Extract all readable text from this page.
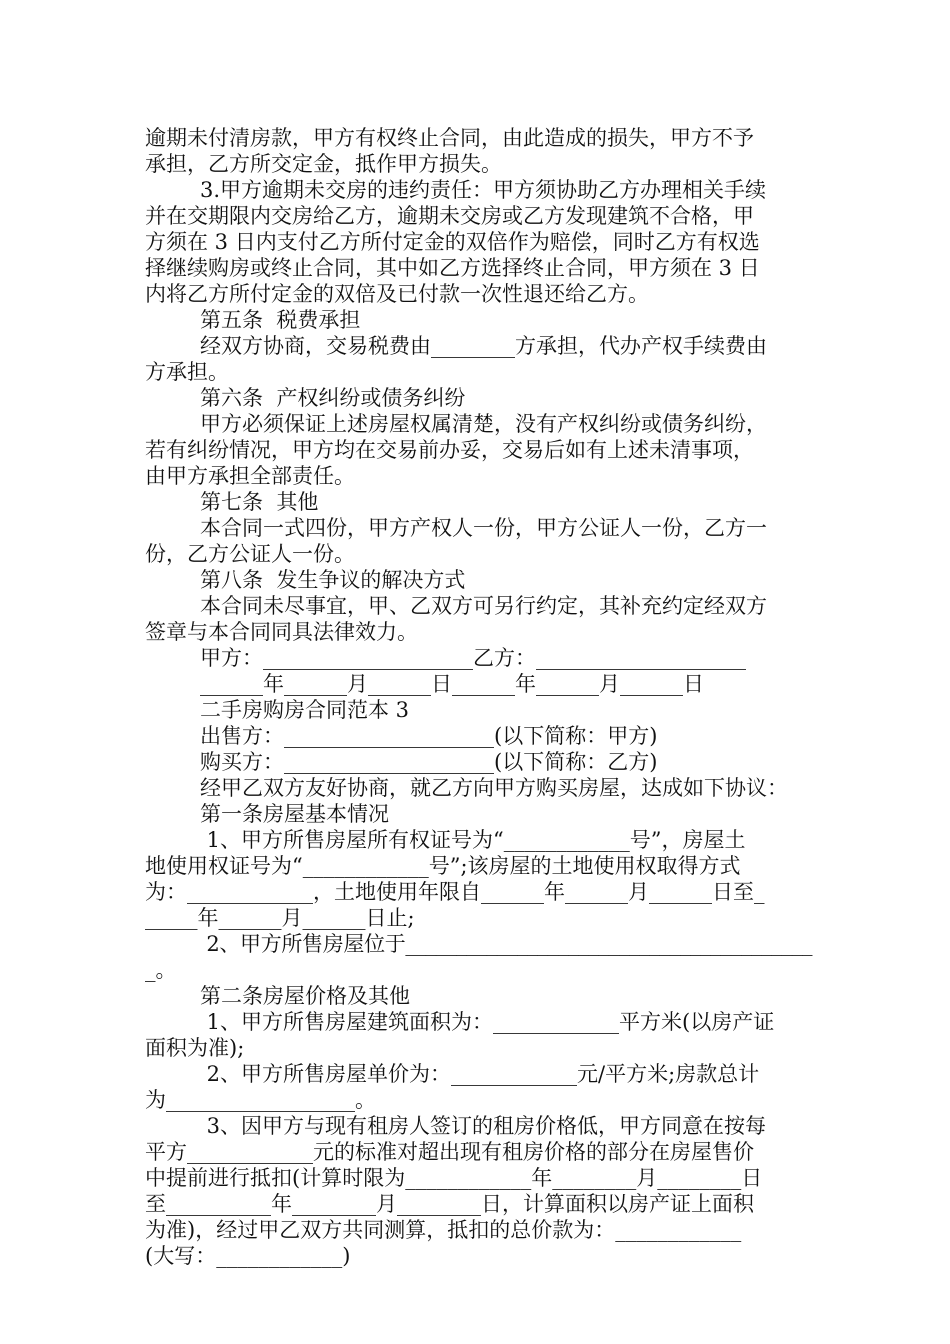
逾期未付清房款，甲方有权终止合同，由此造成的损失，甲方不予
承担，乙方所交定金，抵作甲方损失。
3.甲方逾期未交房的违约责任：甲方须协助乙方办理相关手续
并在交期限内交房给乙方，逾期未交房或乙方发现建筑不合格，甲
方须在 3 日内支付乙方所付定金的双倍作为赔偿，同时乙方有权选
择继续购房或终止合同，其中如乙方选择终止合同，甲方须在 3 日
内将乙方所付定金的双倍及已付款一次性退还给乙方。
第五条  税费承担
经双方协商，交易税费由________方承担，代办产权手续费由
方承担。
第六条  产权纠纷或债务纠纷
甲方必须保证上述房屋权属清楚，没有产权纠纷或债务纠纷，
若有纠纷情况，甲方均在交易前办妥，交易后如有上述未清事项，
由甲方承担全部责任。
第七条  其他
本合同一式四份，甲方产权人一份，甲方公证人一份，乙方一
份，乙方公证人一份。
第八条  发生争议的解决方式
本合同未尽事宜，甲、乙双方可另行约定，其补充约定经双方
签章与本合同同具法律效力。
甲方：____________________乙方：____________________
______年______月______日______年______月______日
二手房购房合同范本 3
出售方：____________________(以下简称：甲方)
购买方：____________________(以下简称：乙方)
经甲乙双方友好协商，就乙方向甲方购买房屋，达成如下协议：
第一条房屋基本情况
1、甲方所售房屋所有权证号为“____________号”，房屋土
地使用权证号为“____________号”;该房屋的土地使用权取得方式
为：____________，土地使用年限自______年______月______日至_
_____年______月______日止;
2、甲方所售房屋位于________________________________________
_。
第二条房屋价格及其他
1、甲方所售房屋建筑面积为：____________平方米(以房产证
面积为准);
2、甲方所售房屋单价为：____________元/平方米;房款总计
为__________________。
3、因甲方与现有租房人签订的租房价格低，甲方同意在按每
平方____________元的标准对超出现有租房价格的部分在房屋售价
中提前进行抵扣(计算时限为____________年________月________日
至__________年________月________日，计算面积以房产证上面积
为准)，经过甲乙双方共同测算，抵扣的总价款为：____________
(大写：____________)
